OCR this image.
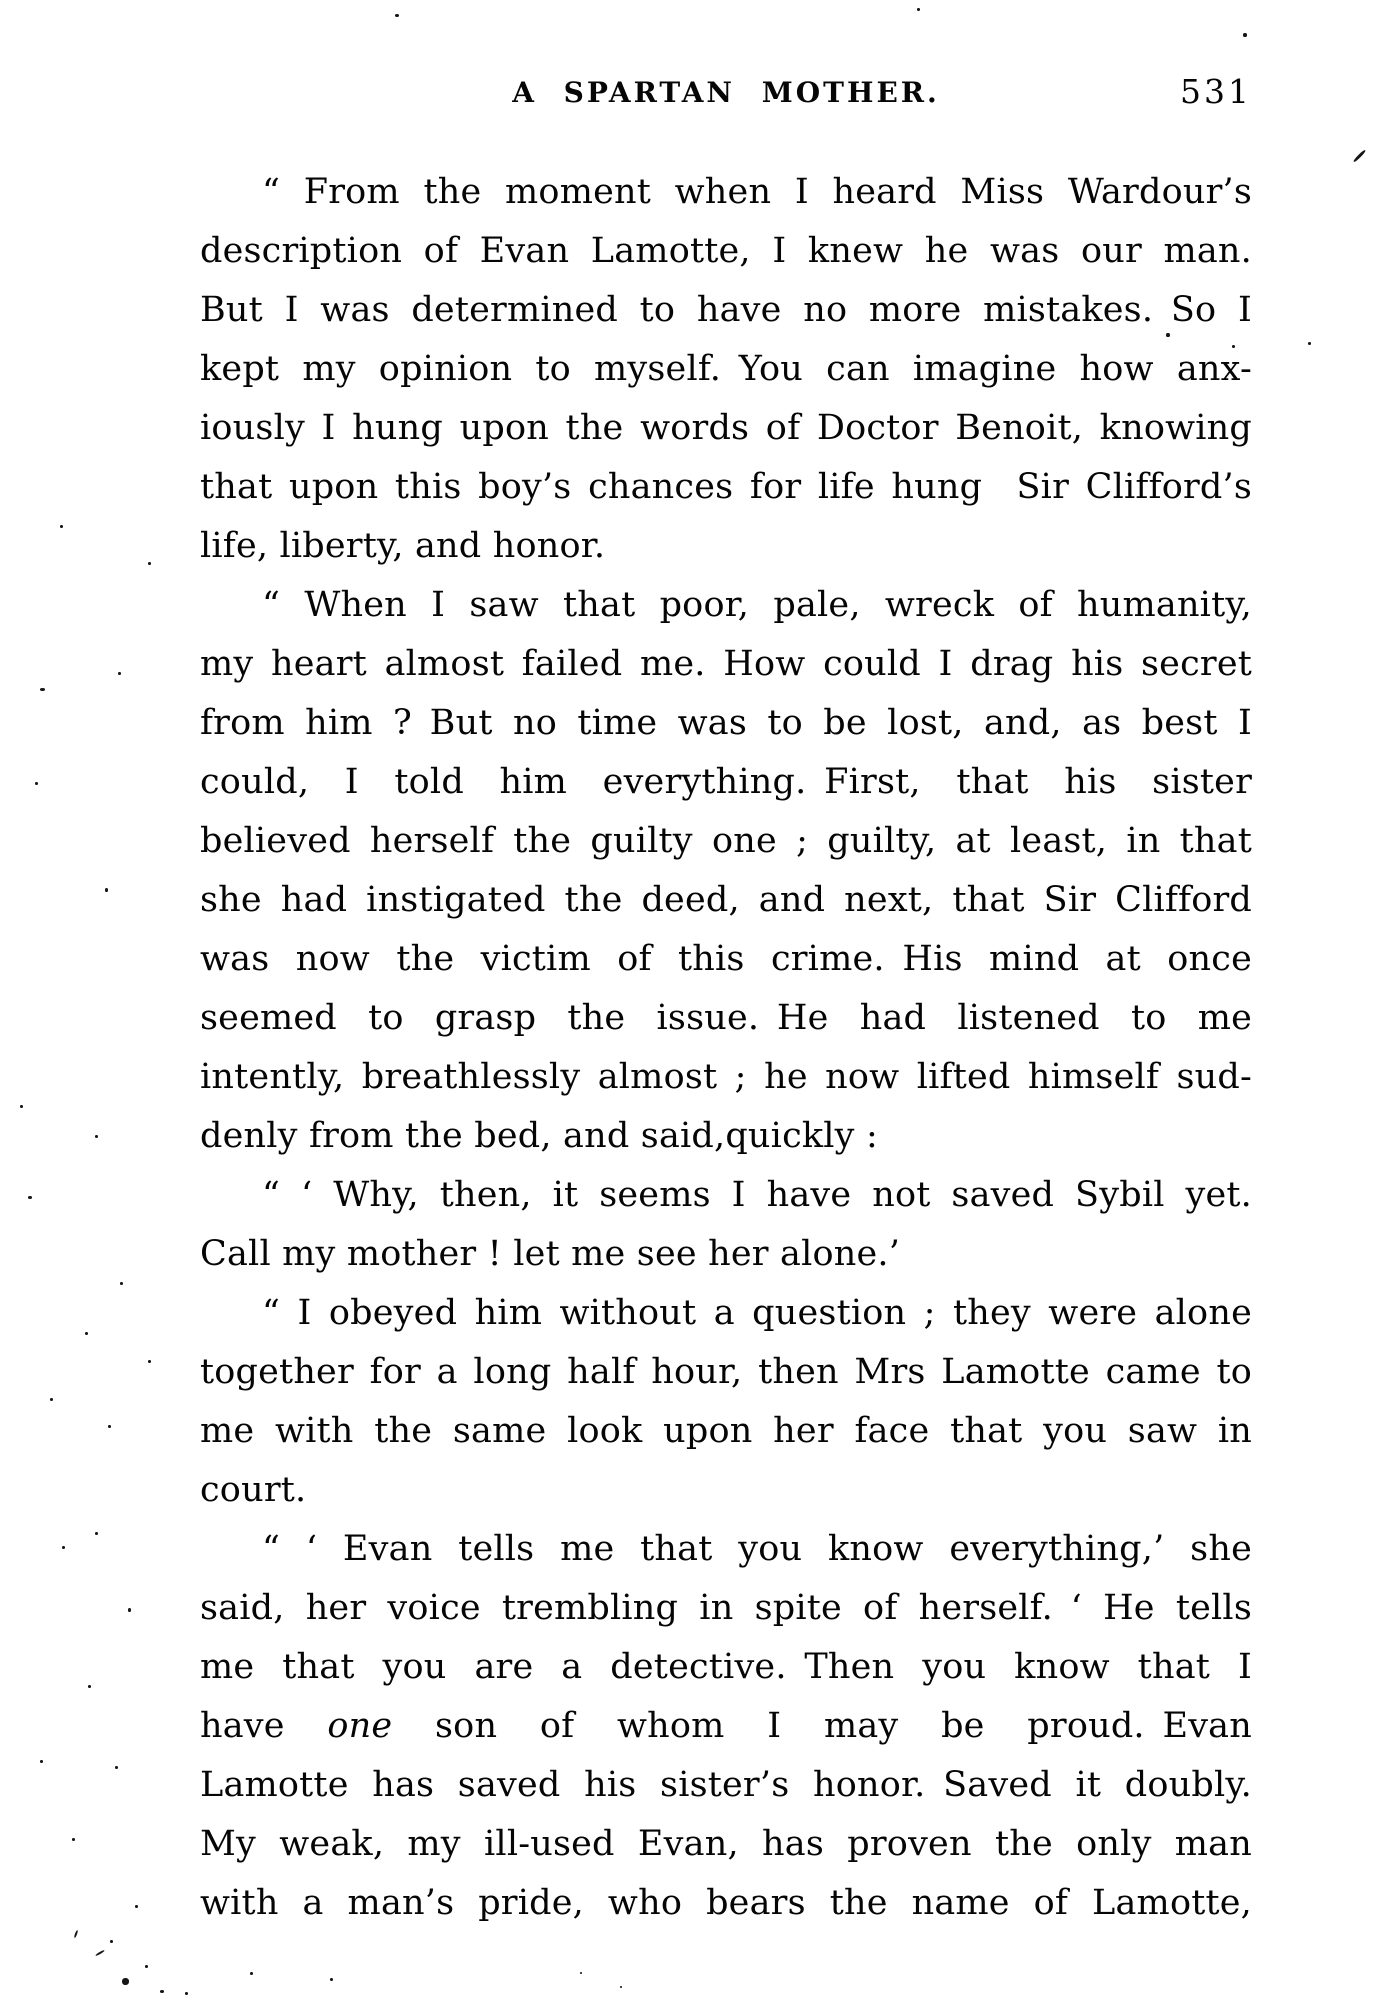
A SPARTAN MOTHER.	531
“ From the moment when I heard Miss Wardour’s
description of Evan Lamotte, I knew he was our man.
But I was determined to have no more mistakes. So I
kept my opinion to myself. You can imagine how anx-
iously I hung upon the words of Doctor Benoit, knowing
that upon this boy’s chances for life hung  Sir Clifford’s
life, liberty, and honor.
“ When I saw that poor, pale, wreck of humanity,
my heart almost failed me. How could I drag his secret
from him ? But no time was to be lost, and, as best I
could, I told him everything. First, that his sister
believed herself the guilty one ; guilty, at least, in that
she had instigated the deed, and next, that Sir Clifford
was now the victim of this crime. His mind at once
seemed to grasp the issue. He had listened to me
intently, breathlessly almost ; he now lifted himself sud-
denly from the bed, and said,quickly :
“ ‘ Why, then, it seems I have not saved Sybil yet.
Call my mother ! let me see her alone.’
“ I obeyed him without a question ; they were alone
together for a long half hour, then Mrs Lamotte came to
me with the same look upon her face that you saw in
court.
“ ‘ Evan tells me that you know everything,’ she
said, her voice trembling in spite of herself. ‘ He tells
me that you are a detective. Then you know that I
have one son of whom I may be proud. Evan
Lamotte has saved his sister’s honor. Saved it doubly.
My weak, my ill-used Evan, has proven the only man
with a man’s pride, who bears the name of Lamotte,
